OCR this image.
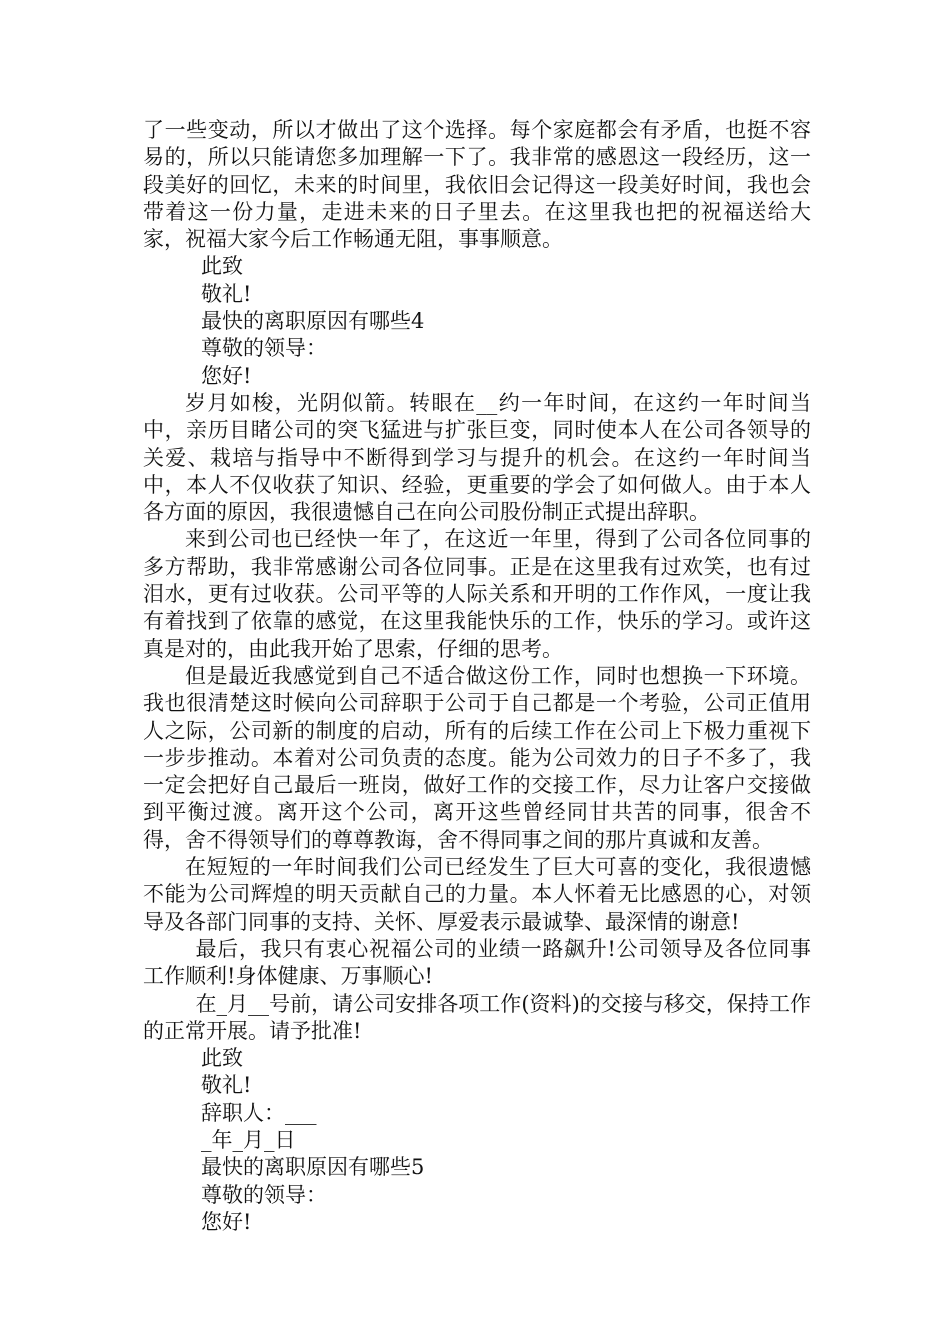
了一些变动，所以才做出了这个选择。每个家庭都会有矛盾，也挺不容易的，所以只能请您多加理解一下了。我非常的感恩这一段经历，这一段美好的回忆，未来的时间里，我依旧会记得这一段美好时间，我也会带着这一份力量，走进未来的日子里去。在这里我也把的祝福送给大家，祝福大家今后工作畅通无阻，事事顺意。

此致

敬礼!

最快的离职原因有哪些4

尊敬的领导：

您好!

岁月如梭，光阴似箭。转眼在__约一年时间，在这约一年时间当中，亲历目睹公司的突飞猛进与扩张巨变，同时使本人在公司各领导的关爱、栽培与指导中不断得到学习与提升的机会。在这约一年时间当中，本人不仅收获了知识、经验，更重要的学会了如何做人。由于本人各方面的原因，我很遗憾自己在向公司股份制正式提出辞职。

来到公司也已经快一年了，在这近一年里，得到了公司各位同事的多方帮助，我非常感谢公司各位同事。正是在这里我有过欢笑，也有过泪水，更有过收获。公司平等的人际关系和开明的工作作风，一度让我有着找到了依靠的感觉，在这里我能快乐的工作，快乐的学习。或许这真是对的，由此我开始了思索，仔细的思考。

但是最近我感觉到自己不适合做这份工作，同时也想换一下环境。我也很清楚这时候向公司辞职于公司于自己都是一个考验，公司正值用人之际，公司新的制度的启动，所有的后续工作在公司上下极力重视下一步步推动。本着对公司负责的态度。能为公司效力的日子不多了，我一定会把好自己最后一班岗，做好工作的交接工作，尽力让客户交接做到平衡过渡。离开这个公司，离开这些曾经同甘共苦的同事，很舍不得，舍不得领导们的尊尊教诲，舍不得同事之间的那片真诚和友善。

在短短的一年时间我们公司已经发生了巨大可喜的变化，我很遗憾不能为公司辉煌的明天贡献自己的力量。本人怀着无比感恩的心，对领导及各部门同事的支持、关怀、厚爱表示最诚挚、最深情的谢意!

最后，我只有衷心祝福公司的业绩一路飙升!公司领导及各位同事工作顺利!身体健康、万事顺心!

在_月__号前，请公司安排各项工作(资料)的交接与移交，保持工作的正常开展。请予批准!

此致

敬礼!

辞职人：___

_年_月_日

最快的离职原因有哪些5

尊敬的领导：

您好!
